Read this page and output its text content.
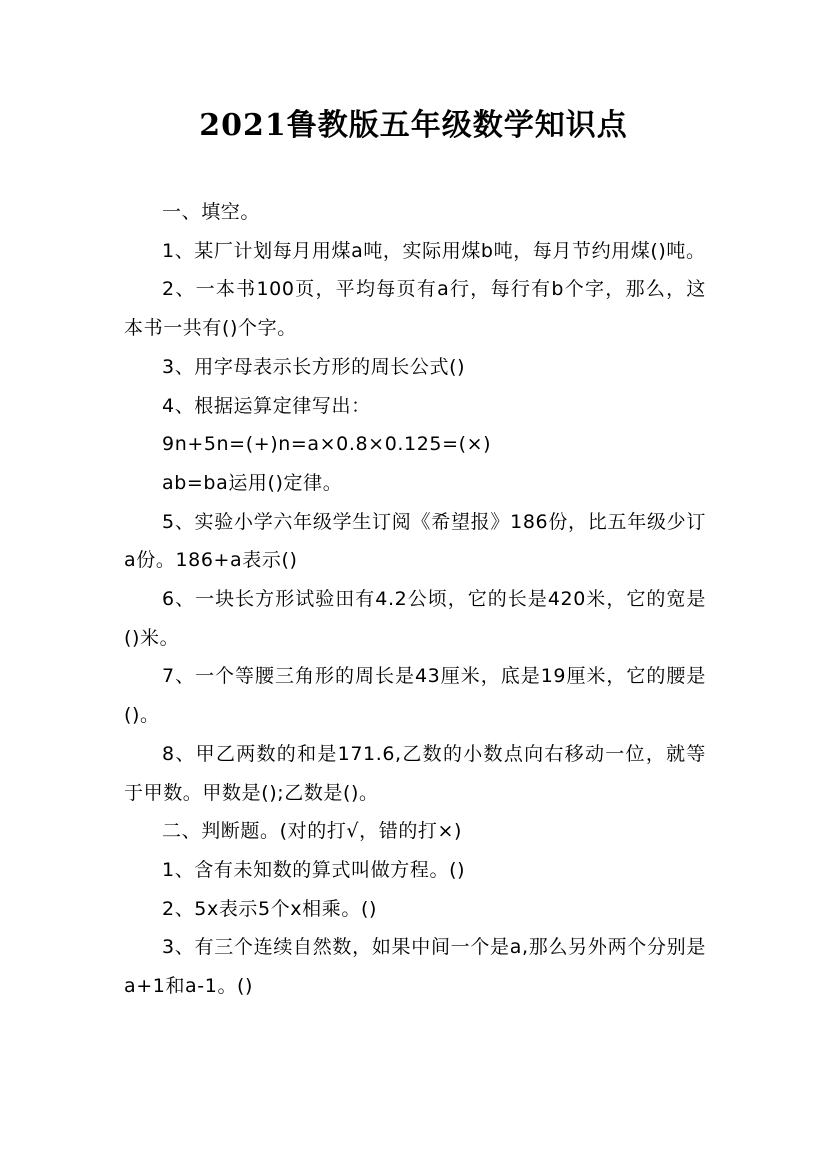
2021鲁教版五年级数学知识点

一、填空。

1、某厂计划每月用煤a吨，实际用煤b吨，每月节约用煤()吨。

2、一本书100页，平均每页有a行，每行有b个字，那么，这本书一共有()个字。

3、用字母表示长方形的周长公式()

4、根据运算定律写出：

9n+5n=(+)n=a×0.8×0.125=(×)

ab=ba运用()定律。

5、实验小学六年级学生订阅《希望报》186份，比五年级少订a份。186+a表示()

6、一块长方形试验田有4.2公顷，它的长是420米，它的宽是()米。

7、一个等腰三角形的周长是43厘米，底是19厘米，它的腰是()。

8、甲乙两数的和是171.6,乙数的小数点向右移动一位，就等于甲数。甲数是();乙数是()。

二、判断题。(对的打√，错的打×)

1、含有未知数的算式叫做方程。()

2、5x表示5个x相乘。()

3、有三个连续自然数，如果中间一个是a,那么另外两个分别是a+1和a-1。()
